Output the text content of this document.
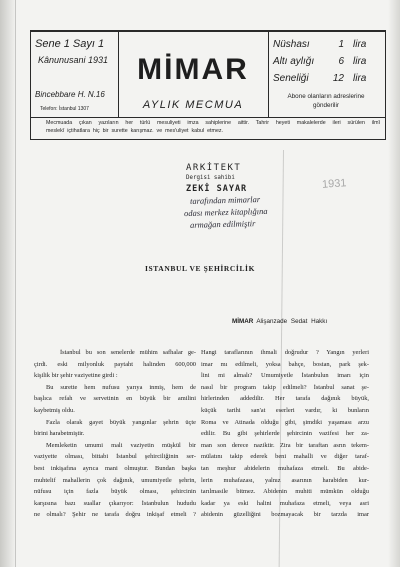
Sene 1 Sayı 1
Kânunusani 1931
Bincebbare H. N.16
Telefon: İstanbul 1307
MİMAR
AYLIK MECMUA
Nüshası	1 lira
Altı aylığı	6 lira
Seneliği	12 lira
Abone olanların adreslerine
gönderilir
Mecmuada çıkan yazıların her türlü mesuliyeti imza sahiplerine aittir. Tahrir heyeti makalelerde ileri sürülen ilmî
meslekî içtihatlara hiç bir surette karışmaz. ve mes'uliyet kabul etmez.
ARKİTEKT
Dergisi sahibi
ZEKİ SAYAR
tarafından mimarlar
odası merkez kitaplığına
armağan edilmiştir
1931
ISTANBUL VE ŞEHİRCİLİK
MİMAR Alişanzade Sedat Hakkı
İstanbul bu son senelerde mühim safhalar ge-
çirdi. eski milyonluk paytaht halinden 600,000
kişilik bir şehir vaziyetine girdi :
Bu surette hem nufusu yarıya inmiş, hem de
başlıca refah ve servetinin en büyük bir amilini
kaybetmiş oldu.
Fazla olarak gayet büyük yangınlar şehrin üçte
birini harabetmiştir.
Memleketin umumi mali vaziyetin müşkül bir
vaziyette olması, bittabi İstanbul şehirciliğinin ser-
best inkişafına ayrıca mani olmuştur. Bundan başka
muhtelif mahallerin çok dağınık, umumiyetle şehrin,
nüfusu için fazla büyük olması, şehircinin
karşısına bazı suallar çıkarıyor: İstanbulun hududu
ne olmalı? Şehir ne tarafa doğru inkişaf etmeli ?
Hangi taraflarının ihmali doğrudur ? Yangın yerleri
imar mı edilmeli, yoksa bahçe, bostan, park şek-
lini mi almalı? Umumiyetle İstanbulun imarı için
nasıl bir program takip edilmeli? İstanbul sanat şe-
hirlerinden addedilir. Her tarafa dağınık büyük,
küçük tarihi san'at eserleri vardır, ki bunların
Roma ve Atinada olduğu gibi, şimdiki yaşaması arzu
edilir. Bu gibi şehirlerde şehircinin vazifesi her za-
man son derece naziktir. Zira bir taraftan asrın tekem-
mülatını takip ederek beni mahalli ve diğer taraf-
tan meşhur abidelerin muhafaza etmeli. Bu abide-
lerin muhafazası, yalnız asarının harabiden kur-
tarılmasile bitmez. Abidenin muhiti mümkün olduğu
kadar ya eski halini muhafaza etmeli, veya asri
abidenin güzelliğini bozmayacak bir tarzda imar
